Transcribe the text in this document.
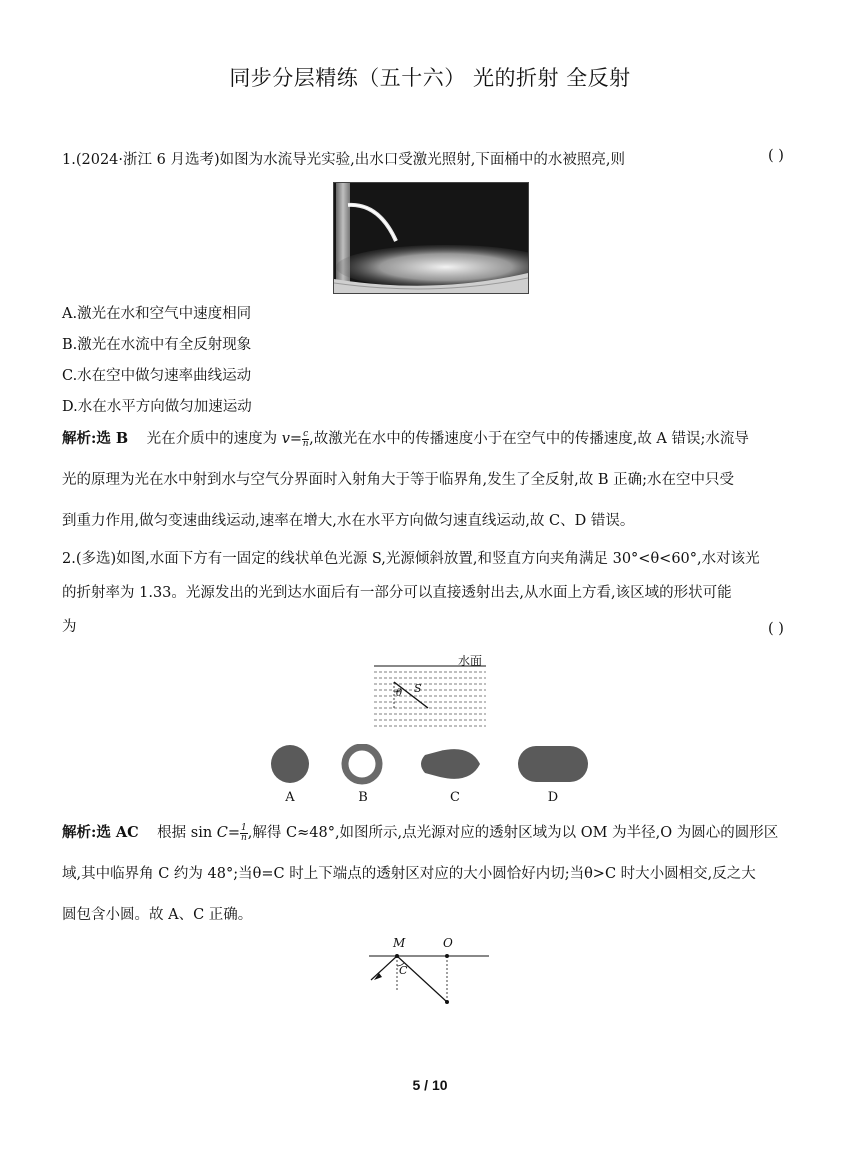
同步分层精练（五十六） 光的折射 全反射
1.(2024·浙江 6 月选考)如图为水流导光实验,出水口受激光照射,下面桶中的水被照亮,则	( )
A.激光在水和空气中速度相同
B.激光在水流中有全反射现象
C.水在空中做匀速率曲线运动
D.水在水平方向做匀加速运动
解析:选 B 光在介质中的速度为 $v= \frac{c}{n}$ ,故激光在水中的传播速度小于在空气中的传播速度,故 A 错误;水流导
光的原理为光在水中射到水与空气分界面时入射角大于等于临界角,发生了全反射,故 B 正确;水在空中只受
到重力作用,做匀变速曲线运动,速率在增大,水在水平方向做匀速直线运动,故 C、D 错误。
2.(多选)如图,水面下方有一固定的线状单色光源 S,光源倾斜放置,和竖直方向夹角满足 30°<θ<60°,水对该光
的折射率为 1.33。光源发出的光到达水面后有一部分可以直接透射出去,从水面上方看,该区域的形状可能
为	( )
水面
θ S
A	B	C	D
解析:选 AC 根据 $\sin C= \frac{1}{n}$ ,解得 C≈48°,如图所示,点光源对应的透射区域为以 OM 为半径,O 为圆心的圆形区
域,其中临界角 C 约为 48°;当θ=C 时上下端点的透射区对应的大小圆恰好内切;当θ>C 时大小圆相交,反之大
圆包含小圆。故 A、C 正确。
M	O
C
5 / 10
